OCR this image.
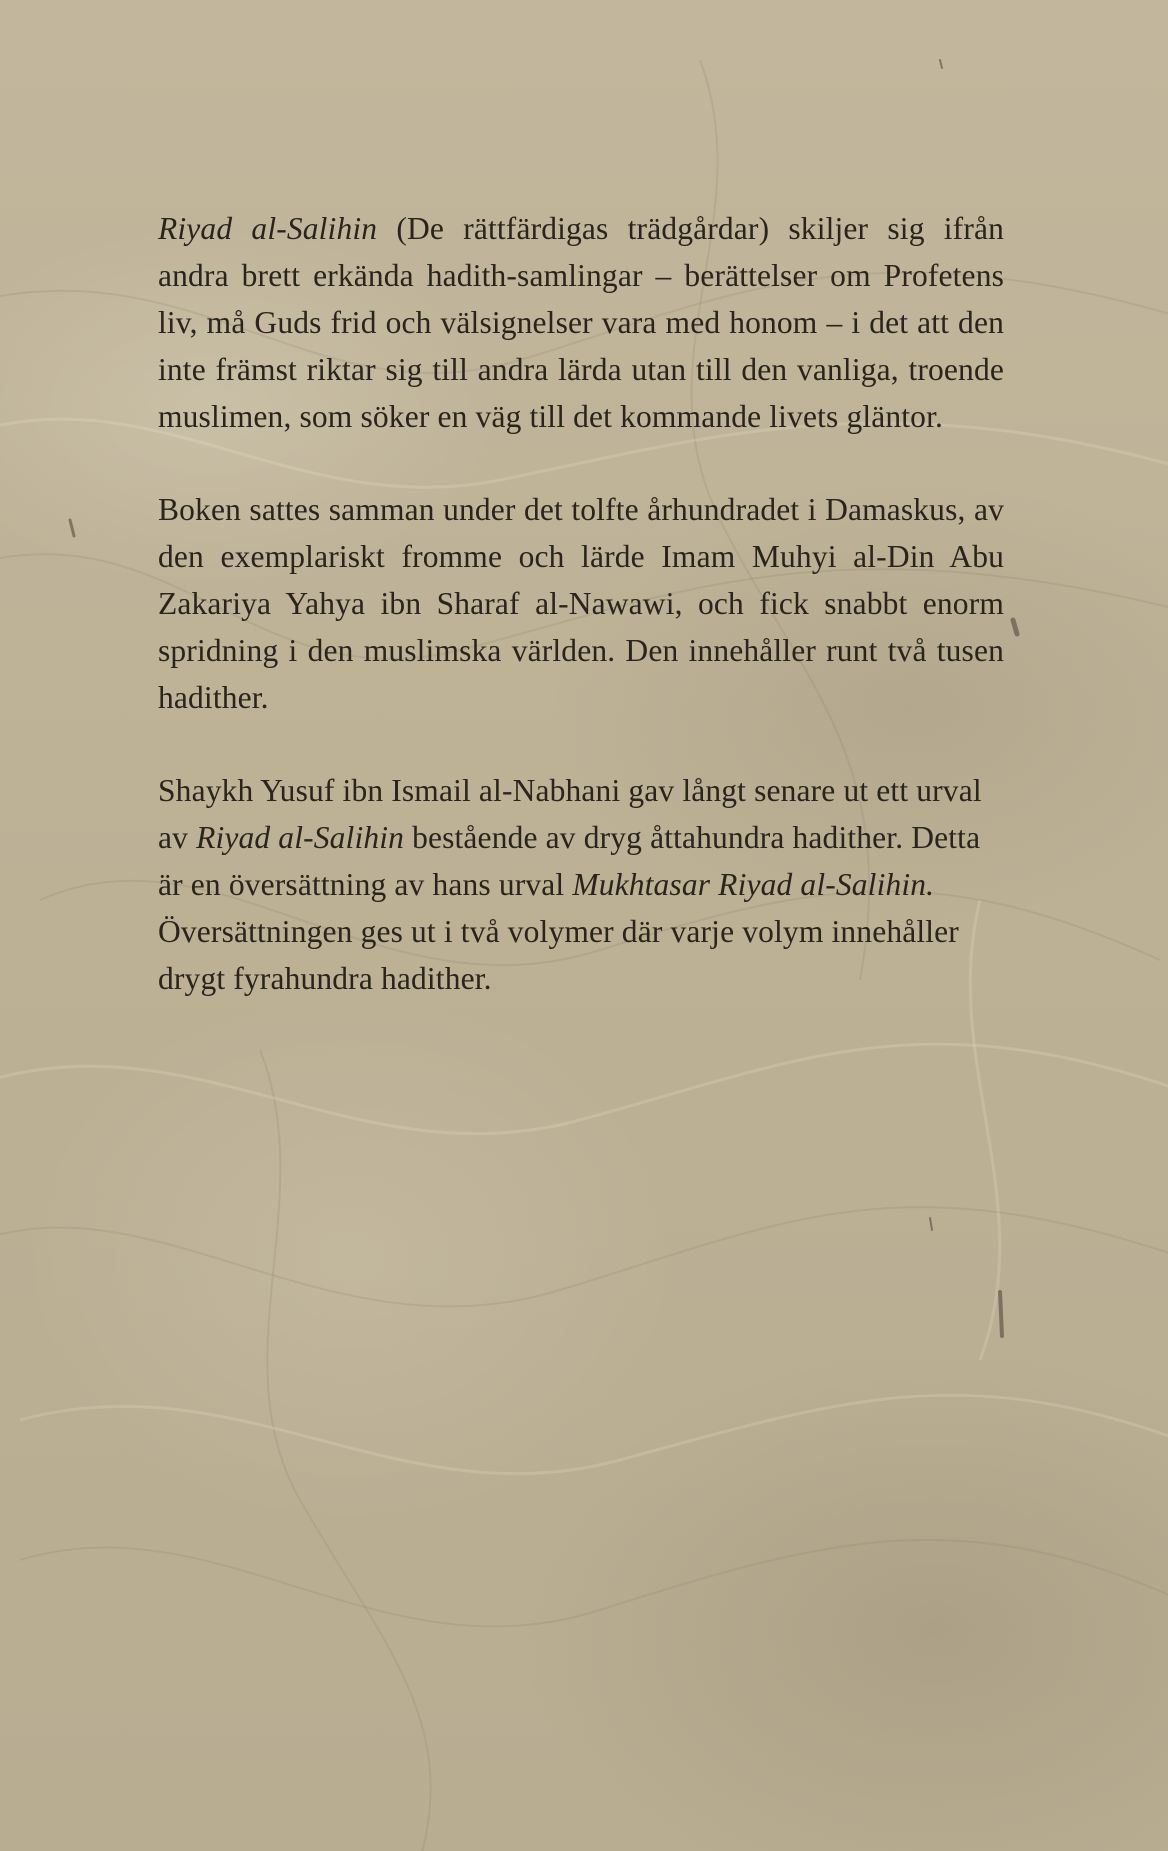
Riyad al-Salihin (De rättfärdigas trädgårdar) skiljer sig ifrån andra brett erkända hadith-samlingar – berättelser om Profetens liv, må Guds frid och välsignelser vara med honom – i det att den inte främst riktar sig till andra lärda utan till den vanliga, troende muslimen, som söker en väg till det kommande livets gläntor.

Boken sattes samman under det tolfte århundradet i Damaskus, av den exemplariskt fromme och lärde Imam Muhyi al-Din Abu Zakariya Yahya ibn Sharaf al-Nawawi, och fick snabbt enorm spridning i den muslimska världen. Den innehåller runt två tusen hadither.

Shaykh Yusuf ibn Ismail al-Nabhani gav långt senare ut ett urval av Riyad al-Salihin bestående av dryg åttahundra hadither. Detta är en översättning av hans urval Mukhtasar Riyad al-Salihin. Översättningen ges ut i två volymer där varje volym innehåller drygt fyrahundra hadither.
